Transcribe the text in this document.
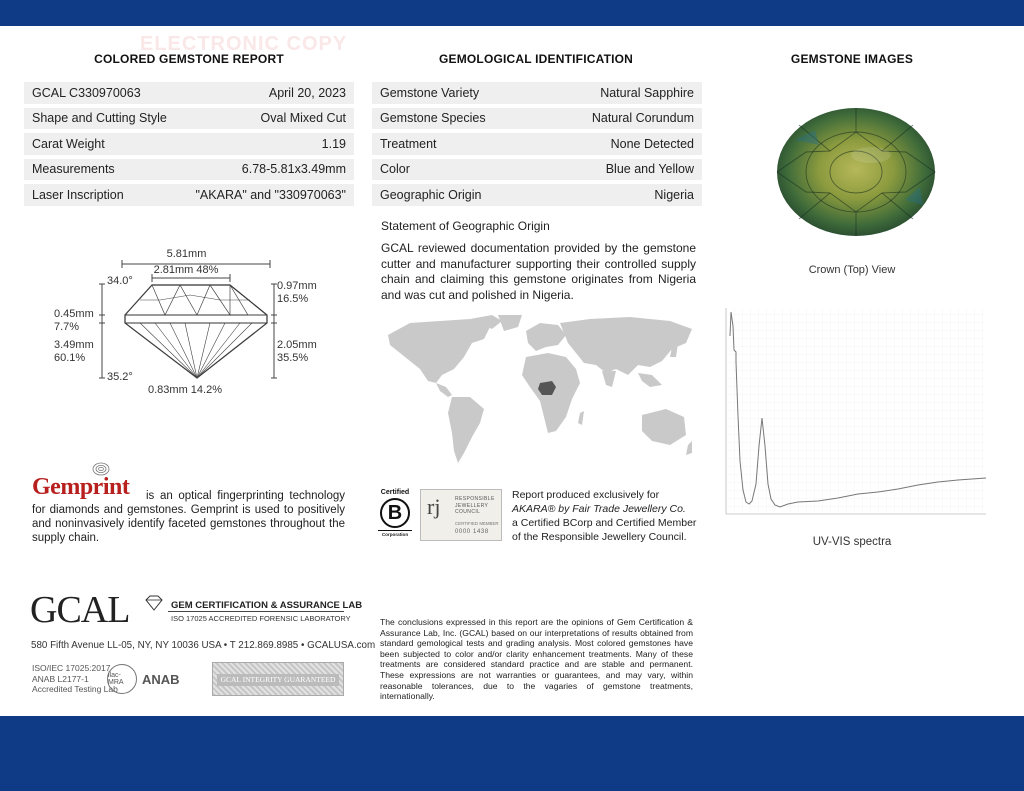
ELECTRONIC COPY
COLORED GEMSTONE REPORT
GCAL C330970063	April 20, 2023
Shape and Cutting Style	Oval Mixed Cut
Carat Weight	1.19
Measurements	6.78-5.81x3.49mm
Laser Inscription	"AKARA" and "330970063"
5.81mm
2.81mm 48%
34.0°	0.97mm
16.5%
0.45mm
7.7%
3.49mm
60.1%
2.05mm
35.5%
35.2°
0.83mm 14.2%
Gemprint	is an optical fingerprinting technology for diamonds and gemstones. Gemprint is used to positively and noninvasively identify faceted gemstones throughout the supply chain.
GCAL	GEM CERTIFICATION & ASSURANCE LAB
ISO 17025 ACCREDITED FORENSIC LABORATORY
580 Fifth Avenue LL-05, NY, NY 10036 USA • T 212.869.8985 • GCALUSA.com
ISO/IEC 17025:2017
ANAB L2177-1
Accredited Testing Lab
ilac-MRA	ANAB	GCAL INTEGRITY GUARANTEED
GEMOLOGICAL IDENTIFICATION
Gemstone Variety	Natural Sapphire
Gemstone Species	Natural Corundum
Treatment	None Detected
Color	Blue and Yellow
Geographic Origin	Nigeria
Statement of Geographic Origin
GCAL reviewed documentation provided by the gemstone cutter and manufacturer supporting their controlled supply chain and claiming this gemstone originates from Nigeria and was cut and polished in Nigeria.
Certified
B
Corporation
rj	RESPONSIBLE
JEWELLERY
COUNCIL
CERTIFIED MEMBER
0000 1438
Report produced exclusively for
AKARA® by Fair Trade Jewellery Co.
a Certified BCorp and Certified Member
of the Responsible Jewellery Council.
The conclusions expressed in this report are the opinions of Gem Certification & Assurance Lab, Inc. (GCAL) based on our interpretations of results obtained from standard gemological tests and grading analysis. Most colored gemstones have been subjected to color and/or clarity enhancement treatments. Many of these treatments are considered standard practice and are stable and permanent. These expressions are not warranties or guarantees, and may vary, within reasonable tolerances, due to the vagaries of gemstone treatments, internationally.
GEMSTONE IMAGES
Crown (Top) View
UV-VIS spectra
